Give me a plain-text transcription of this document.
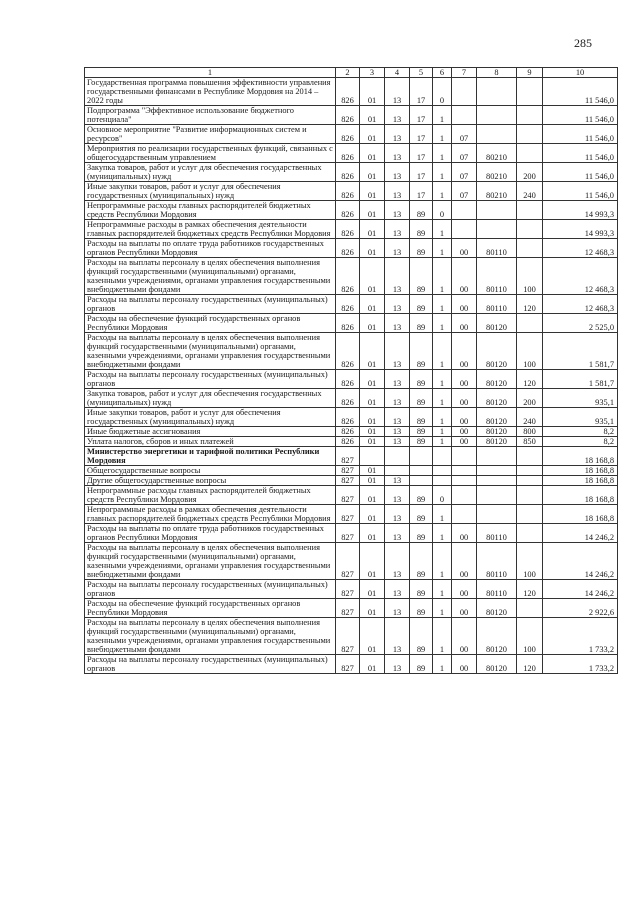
285
1	2	3	4	5	6	7	8	9	10
Государственная программа повышения эффективности управления государственными финансами в Республике Мордовия на 2014 – 2022 годы	826	01	13	17	0				11 546,0
Подпрограмма "Эффективное использование бюджетного потенциала"	826	01	13	17	1				11 546,0
Основное мероприятие "Развитие информационных систем и ресурсов"	826	01	13	17	1	07			11 546,0
Мероприятия по реализации государственных функций, связанных с общегосударственным управлением	826	01	13	17	1	07	80210		11 546,0
Закупка товаров, работ и услуг для обеспечения государственных (муниципальных) нужд	826	01	13	17	1	07	80210	200	11 546,0
Иные закупки товаров, работ и услуг для обеспечения государственных (муниципальных) нужд	826	01	13	17	1	07	80210	240	11 546,0
Непрограммные расходы главных распорядителей бюджетных средств Республики Мордовия	826	01	13	89	0				14 993,3
Непрограммные расходы в рамках обеспечения деятельности главных распорядителей бюджетных средств Республики Мордовия	826	01	13	89	1				14 993,3
Расходы на выплаты по оплате труда работников государственных органов Республики Мордовия	826	01	13	89	1	00	80110		12 468,3
Расходы на выплаты персоналу в целях обеспечения выполнения функций государственными (муниципальными) органами, казенными учреждениями, органами управления государственными внебюджетными фондами	826	01	13	89	1	00	80110	100	12 468,3
Расходы на выплаты персоналу государственных (муниципальных) органов	826	01	13	89	1	00	80110	120	12 468,3
Расходы на обеспечение функций государственных органов Республики Мордовия	826	01	13	89	1	00	80120		2 525,0
Расходы на выплаты персоналу в целях обеспечения выполнения функций государственными (муниципальными) органами, казенными учреждениями, органами управления государственными внебюджетными фондами	826	01	13	89	1	00	80120	100	1 581,7
Расходы на выплаты персоналу государственных (муниципальных) органов	826	01	13	89	1	00	80120	120	1 581,7
Закупка товаров, работ и услуг для обеспечения государственных (муниципальных) нужд	826	01	13	89	1	00	80120	200	935,1
Иные закупки товаров, работ и услуг для обеспечения государственных (муниципальных) нужд	826	01	13	89	1	00	80120	240	935,1
Иные бюджетные ассигнования	826	01	13	89	1	00	80120	800	8,2
Уплата налогов, сборов и иных платежей	826	01	13	89	1	00	80120	850	8,2
Министерство энергетики и тарифной политики Республики Мордовия	827								18 168,8
Общегосударственные вопросы	827	01							18 168,8
Другие общегосударственные вопросы	827	01	13						18 168,8
Непрограммные расходы главных распорядителей бюджетных средств Республики Мордовия	827	01	13	89	0				18 168,8
Непрограммные расходы в рамках обеспечения деятельности главных распорядителей бюджетных средств Республики Мордовия	827	01	13	89	1				18 168,8
Расходы на выплаты по оплате труда работников государственных органов Республики Мордовия	827	01	13	89	1	00	80110		14 246,2
Расходы на выплаты персоналу в целях обеспечения выполнения функций государственными (муниципальными) органами, казенными учреждениями, органами управления государственными внебюджетными фондами	827	01	13	89	1	00	80110	100	14 246,2
Расходы на выплаты персоналу государственных (муниципальных) органов	827	01	13	89	1	00	80110	120	14 246,2
Расходы на обеспечение функций государственных органов Республики Мордовия	827	01	13	89	1	00	80120		2 922,6
Расходы на выплаты персоналу в целях обеспечения выполнения функций государственными (муниципальными) органами, казенными учреждениями, органами управления государственными внебюджетными фондами	827	01	13	89	1	00	80120	100	1 733,2
Расходы на выплаты персоналу государственных (муниципальных) органов	827	01	13	89	1	00	80120	120	1 733,2
